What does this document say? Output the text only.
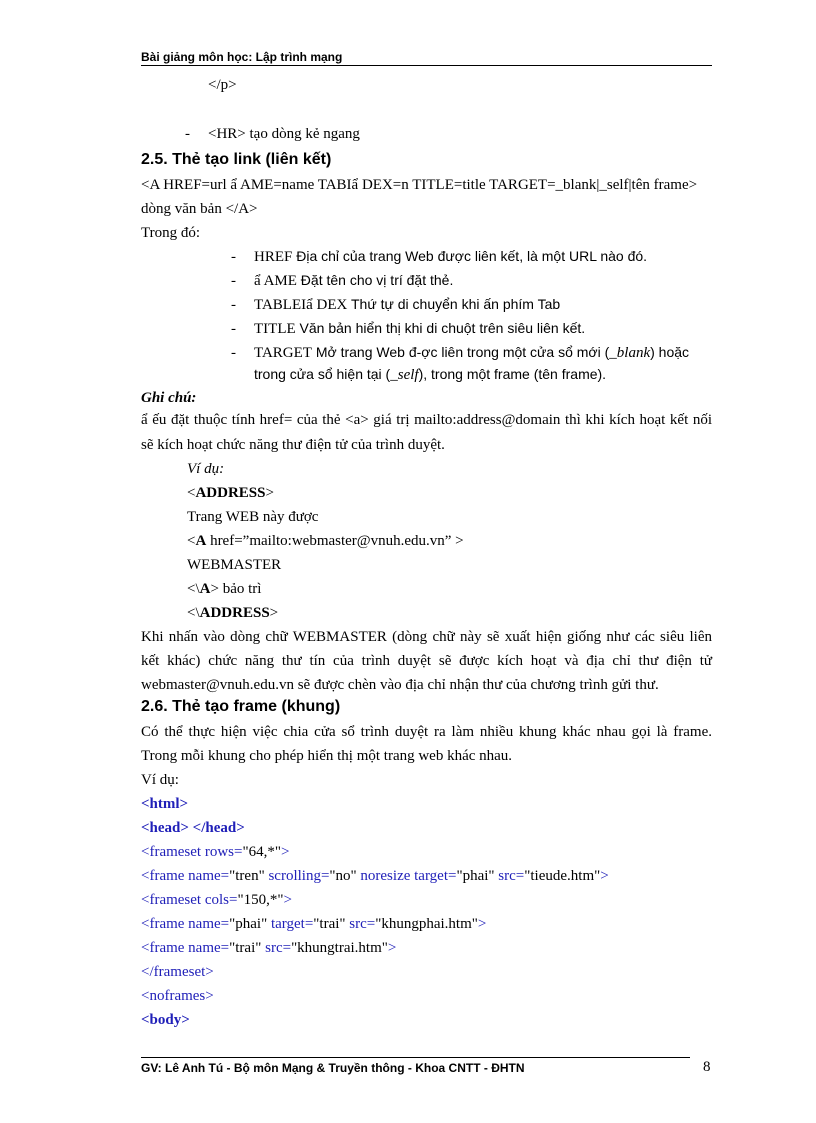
Bài giảng môn học: Lập trình mạng
</p>
- <HR> tạo dòng kẻ ngang
2.5. Thẻ tạo link (liên kết)
<A HREF=url ẩ AME=name TABIẩ DEX=n TITLE=title TARGET=_blank|_self|tên frame>
dòng văn bản </A>
Trong đó:
- HREF Địa chỉ của trang Web được liên kết, là một URL nào đó.
- ẩ AME Đặt tên cho vị trí đặt thẻ.
- TABLEIẩ DEX Thứ tự di chuyển khi ấn phím Tab
- TITLE Văn bản hiển thị khi di chuột trên siêu liên kết.
- TARGET Mở trang Web đ-ợc liên trong một cửa sổ mới (_blank) hoặc
trong cửa sổ hiện tại (_self), trong một frame (tên frame).
Ghi chú:
ẩ ếu đặt thuộc tính href= của thẻ <a> giá trị mailto:address@domain thì khi kích hoạt kết nối
sẽ kích hoạt chức năng thư điện tử của trình duyệt.
Ví dụ:
<ADDRESS>
Trang WEB này được
<A href=”mailto:webmaster@vnuh.edu.vn” >
WEBMASTER
<\A> bảo trì
<\ADDRESS>
Khi nhấn vào dòng chữ WEBMASTER (dòng chữ này sẽ xuất hiện giống như các siêu liên
kết khác) chức năng thư tín của trình duyệt sẽ được kích hoạt và địa chỉ thư điện tử
webmaster@vnuh.edu.vn sẽ được chèn vào địa chỉ nhận thư của chương trình gửi thư.
2.6. Thẻ tạo frame (khung)
Có thể thực hiện việc chia cửa sổ trình duyệt ra làm nhiều khung khác nhau gọi là frame.
Trong mỗi khung cho phép hiển thị một trang web khác nhau.
Ví dụ:
<html>
<head> </head>
<frameset rows="64,*">
<frame name="tren" scrolling="no" noresize target="phai" src="tieude.htm">
<frameset cols="150,*">
<frame name="phai" target="trai" src="khungphai.htm">
<frame name="trai" src="khungtrai.htm">
</frameset>
<noframes>
<body>
GV: Lê Anh Tú - Bộ môn Mạng & Truyền thông - Khoa CNTT - ĐHTN	8
